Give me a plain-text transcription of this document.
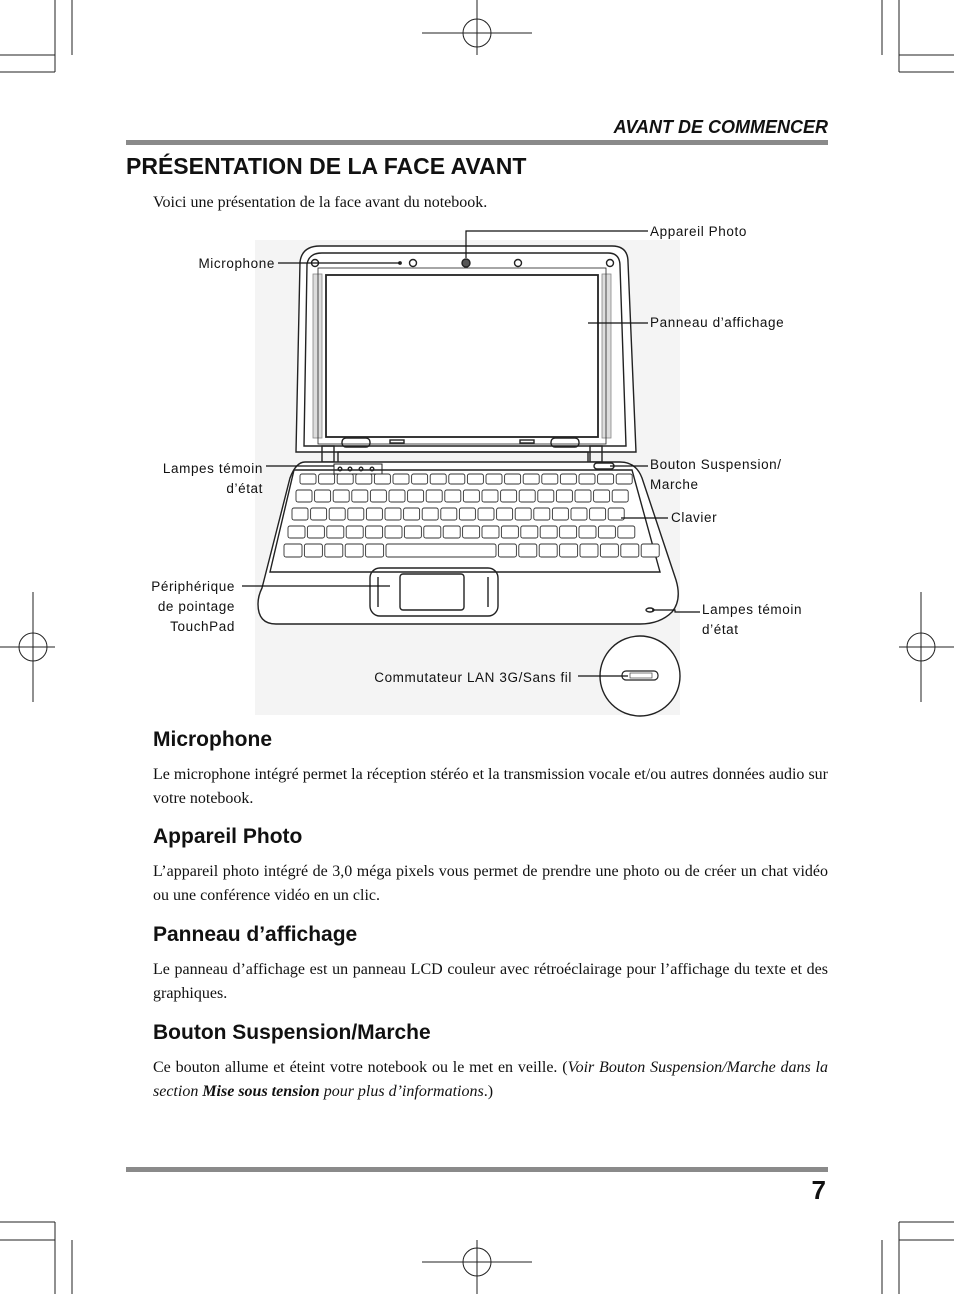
AVANT DE COMMENCER
PRÉSENTATION DE LA FACE AVANT
Voici une présentation de la face avant du notebook.
Appareil Photo
Microphone
Panneau d’affichage
Lampes témoin
d’état
Bouton Suspension/
Marche
Clavier
Périphérique
de pointage
TouchPad
Lampes témoin
d’état
Commutateur LAN 3G/Sans fil
Microphone

Le microphone intégré permet la réception stéréo et la transmission vocale et/ou autres données audio sur votre notebook.

Appareil Photo

L’appareil photo intégré de 3,0 méga pixels vous permet de prendre une photo ou de créer un chat vidéo ou une conférence vidéo en un clic.

Panneau d’affichage

Le panneau d’affichage est un panneau LCD couleur avec rétroéclairage pour l’affichage du texte et des graphiques.

Bouton Suspension/Marche

Ce bouton allume et éteint votre notebook ou le met en veille. (Voir Bouton Suspension/Marche dans la section Mise sous tension pour plus d’informations.)

7
